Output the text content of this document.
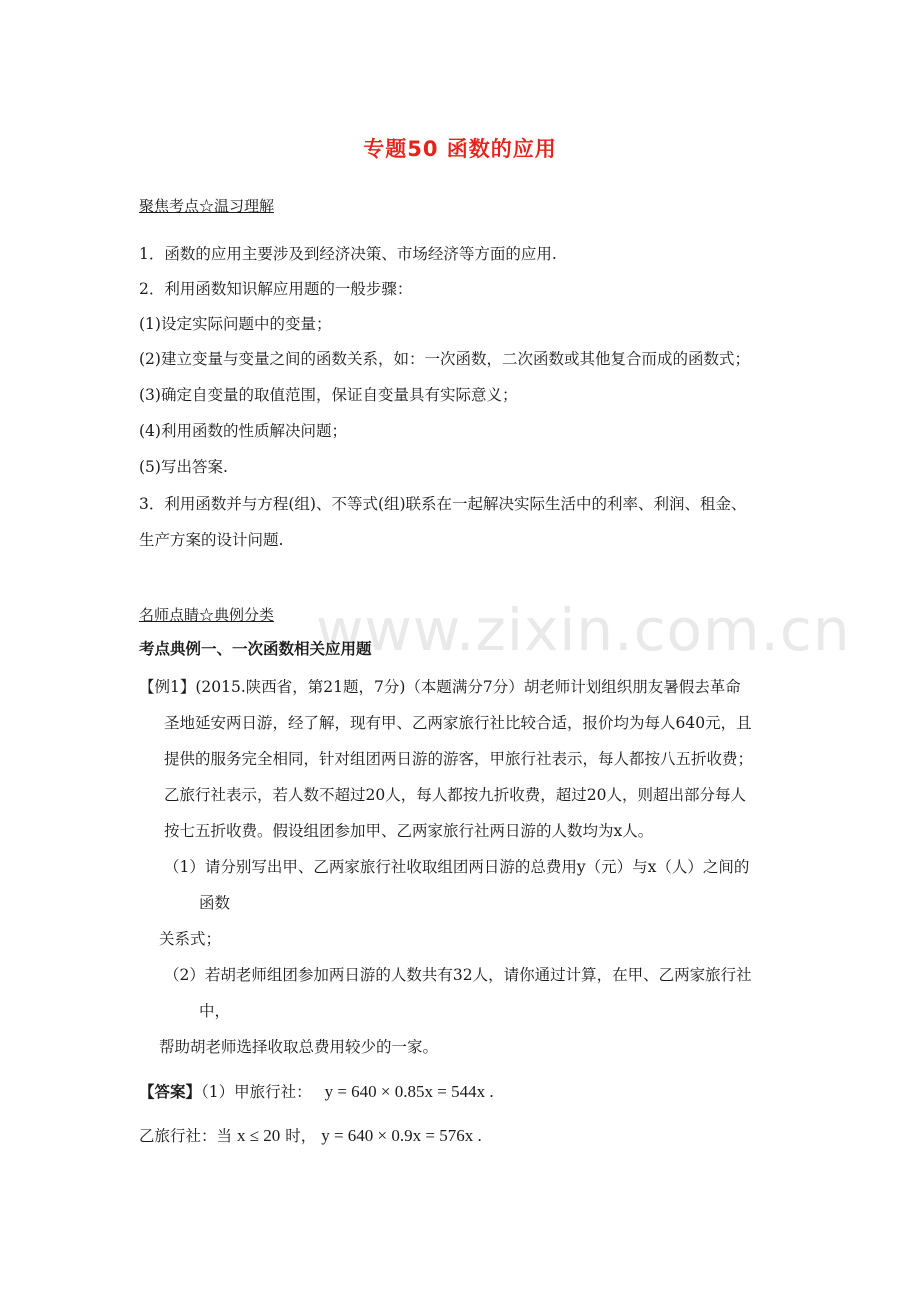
www.zixin.com.cn
专题50 函数的应用
聚焦考点☆温习理解
1．函数的应用主要涉及到经济决策、市场经济等方面的应用.
2．利用函数知识解应用题的一般步骤：
(1)设定实际问题中的变量；
(2)建立变量与变量之间的函数关系，如：一次函数，二次函数或其他复合而成的函数式；
(3)确定自变量的取值范围，保证自变量具有实际意义；
(4)利用函数的性质解决问题；
(5)写出答案.
3．利用函数并与方程(组)、不等式(组)联系在一起解决实际生活中的利率、利润、租金、
生产方案的设计问题.
名师点睛☆典例分类
考点典例一、一次函数相关应用题
【例1】(2015.陕西省，第21题，7分)（本题满分7分）胡老师计划组织朋友暑假去革命
圣地延安两日游，经了解，现有甲、乙两家旅行社比较合适，报价均为每人640元，且
提供的服务完全相同，针对组团两日游的游客，甲旅行社表示，每人都按八五折收费；
乙旅行社表示，若人数不超过20人，每人都按九折收费，超过20人，则超出部分每人
按七五折收费。假设组团参加甲、乙两家旅行社两日游的人数均为x人。
（1）请分别写出甲、乙两家旅行社收取组团两日游的总费用y（元）与x（人）之间的
函数
关系式；
（2）若胡老师组团参加两日游的人数共有32人，请你通过计算，在甲、乙两家旅行社
中，
帮助胡老师选择收取总费用较少的一家。
【答案】（1）甲旅行社： y = 640 × 0.85x = 544x .
乙旅行社：当 x ≤ 20 时， y = 640 × 0.9x = 576x .
